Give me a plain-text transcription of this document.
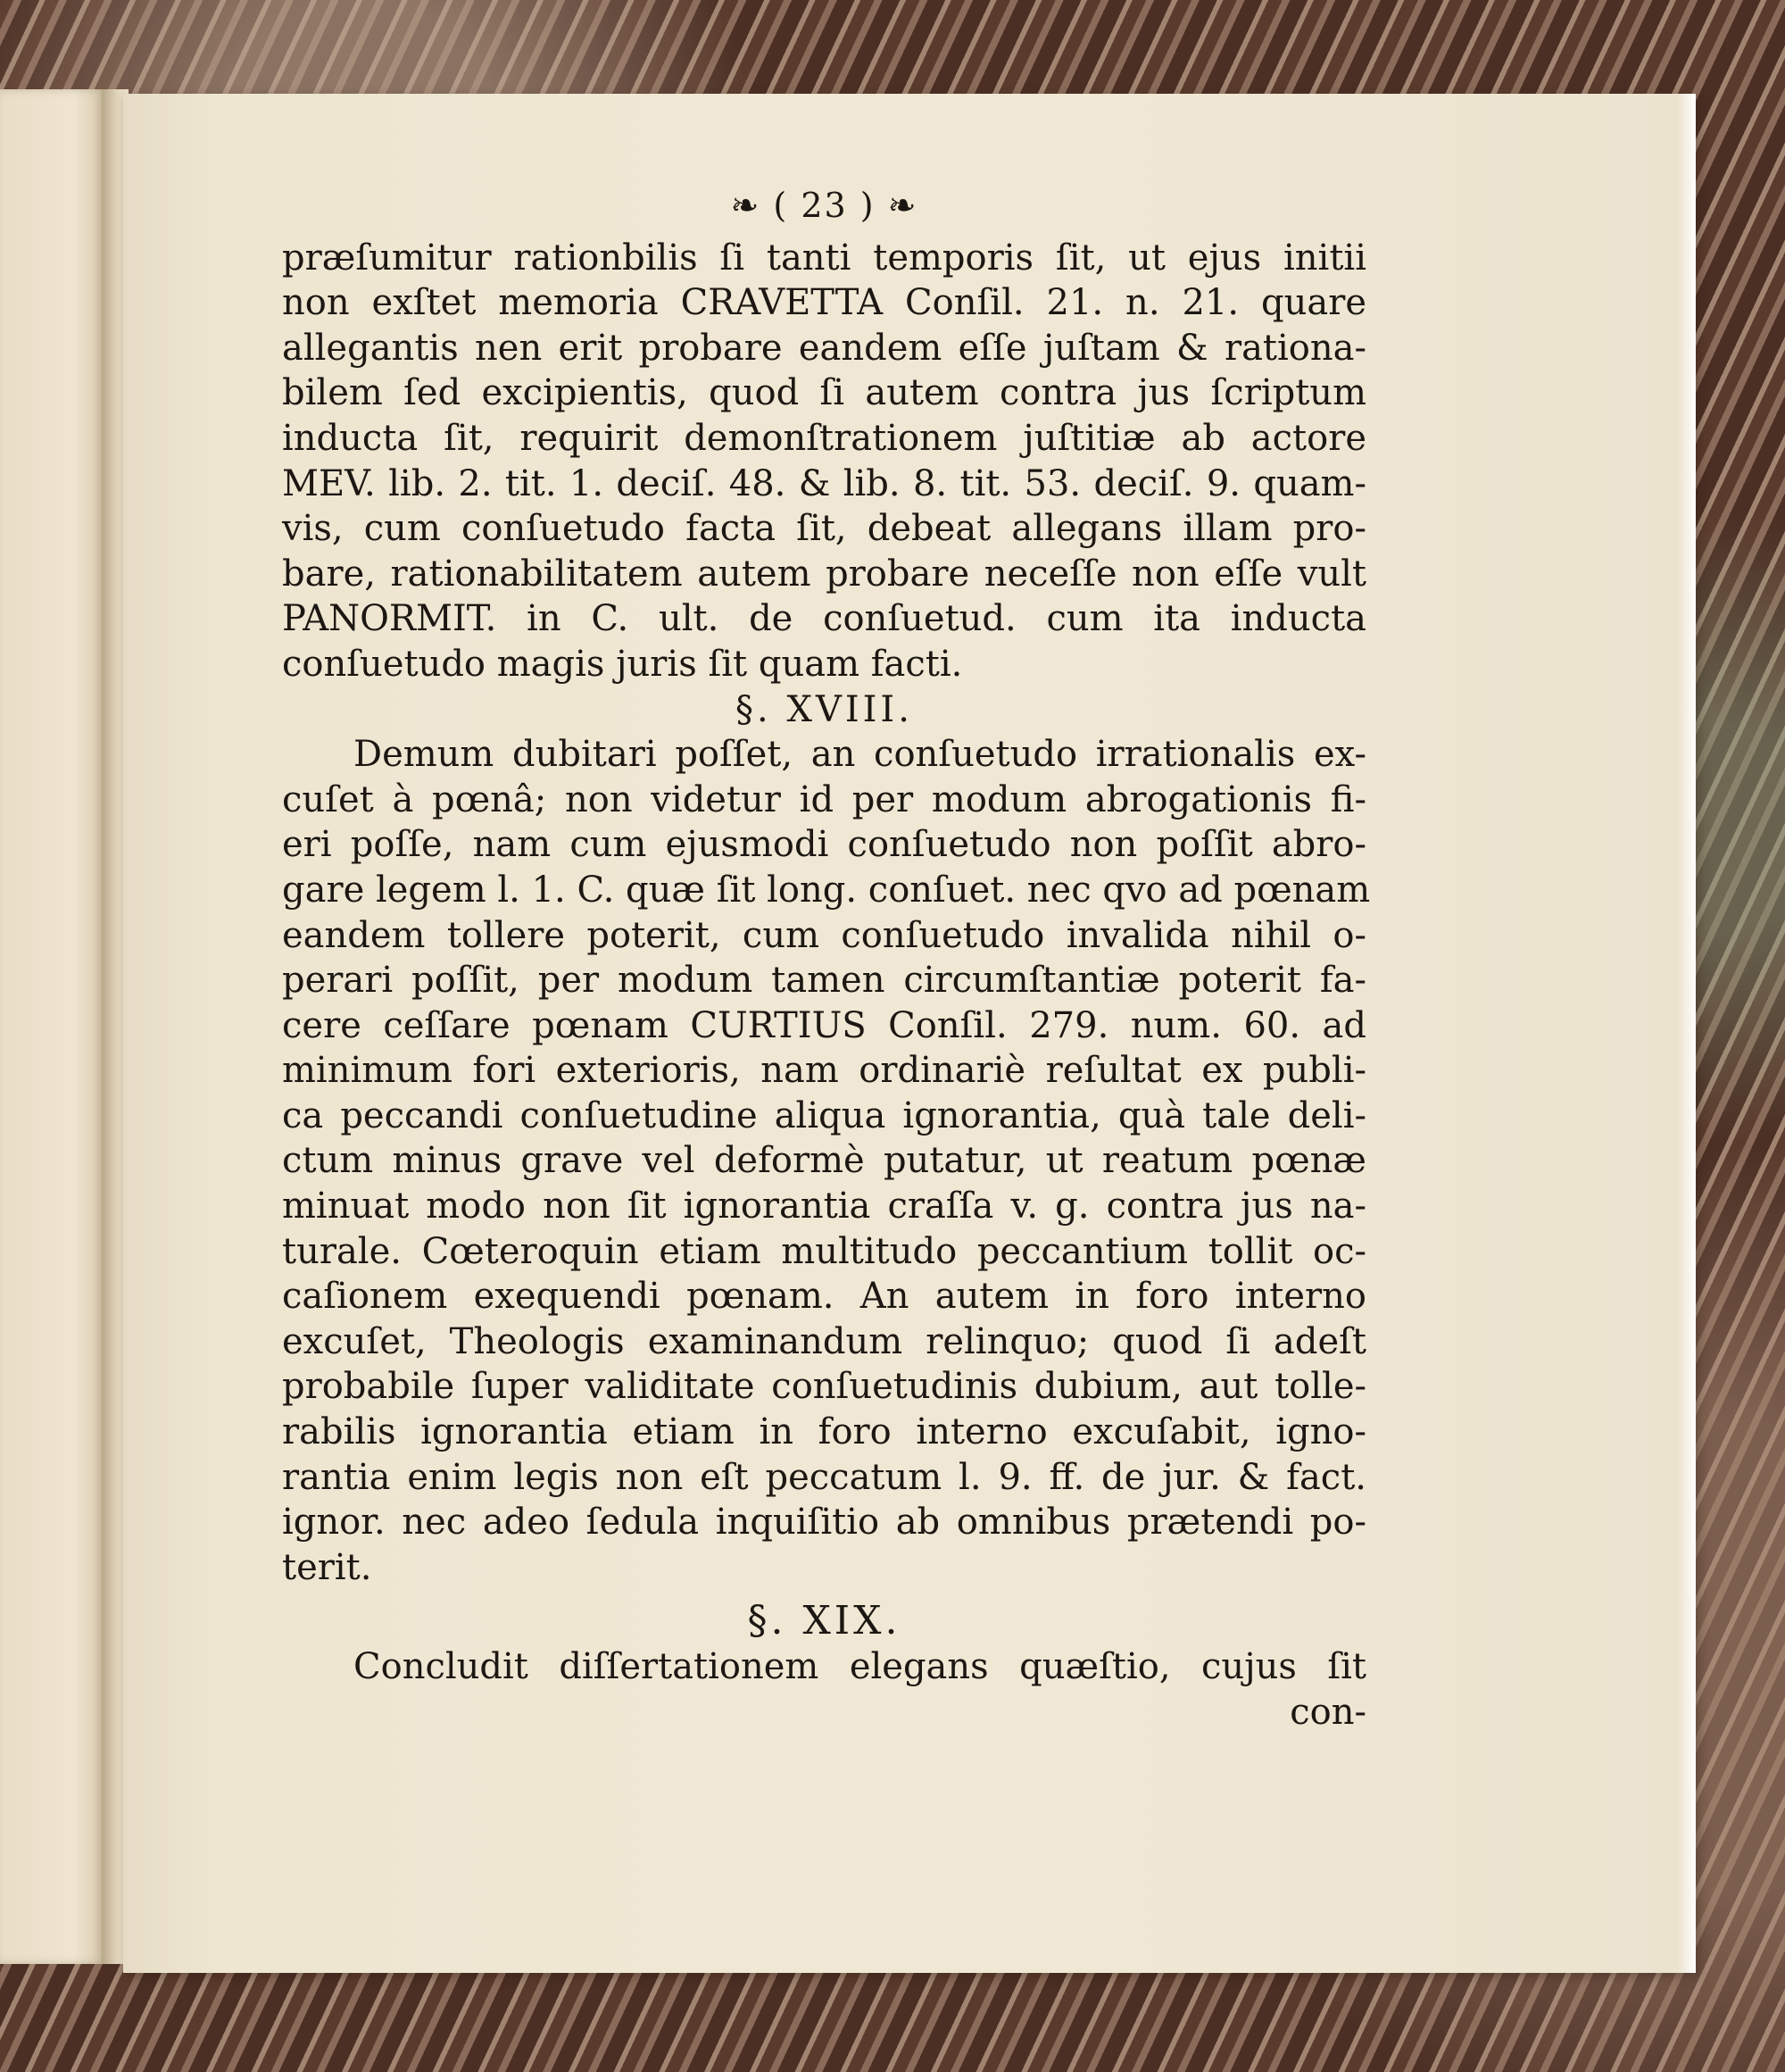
❧ ( 23 ) ❧
præſumitur rationbilis ſi tanti temporis ſit, ut ejus initii
non exſtet memoria CRAVETTA Conſil. 21. n. 21. quare
allegantis nen erit probare eandem eſſe juſtam & rationa-
bilem ſed excipientis, quod ſi autem contra jus ſcriptum
inducta ſit, requirit demonſtrationem juſtitiæ ab actore
MEV. lib. 2. tit. 1. deciſ. 48. & lib. 8. tit. 53. deciſ. 9. quam-
vis, cum conſuetudo facta ſit, debeat allegans illam pro-
bare, rationabilitatem autem probare neceſſe non eſſe vult
PANORMIT. in C. ult. de conſuetud. cum ita inducta
conſuetudo magis juris ſit quam facti.
§. XVIII.
Demum dubitari poſſet, an conſuetudo irrationalis ex-
cuſet à pœnâ; non videtur id per modum abrogationis fi-
eri poſſe, nam cum ejusmodi conſuetudo non poſſit abro-
gare legem l. 1. C. quæ ſit long. conſuet. nec qvo ad pœnam
eandem tollere poterit, cum conſuetudo invalida nihil o-
perari poſſit, per modum tamen circumſtantiæ poterit fa-
cere ceſſare pœnam CURTIUS Conſil. 279. num. 60. ad
minimum fori exterioris, nam ordinariè reſultat ex publi-
ca peccandi conſuetudine aliqua ignorantia, quà tale deli-
ctum minus grave vel deformè putatur, ut reatum pœnæ
minuat modo non ſit ignorantia craſſa v. g. contra jus na-
turale. Cœteroquin etiam multitudo peccantium tollit oc-
caſionem exequendi pœnam. An autem in foro interno
excuſet, Theologis examinandum relinquo; quod ſi adeſt
probabile ſuper validitate conſuetudinis dubium, aut tolle-
rabilis ignorantia etiam in foro interno excuſabit, igno-
rantia enim legis non eſt peccatum l. 9. ff. de jur. & fact.
ignor. nec adeo ſedula inquiſitio ab omnibus prætendi po-
terit.
§. XIX.
Concludit diſſertationem elegans quæſtio, cujus ſit
con-
